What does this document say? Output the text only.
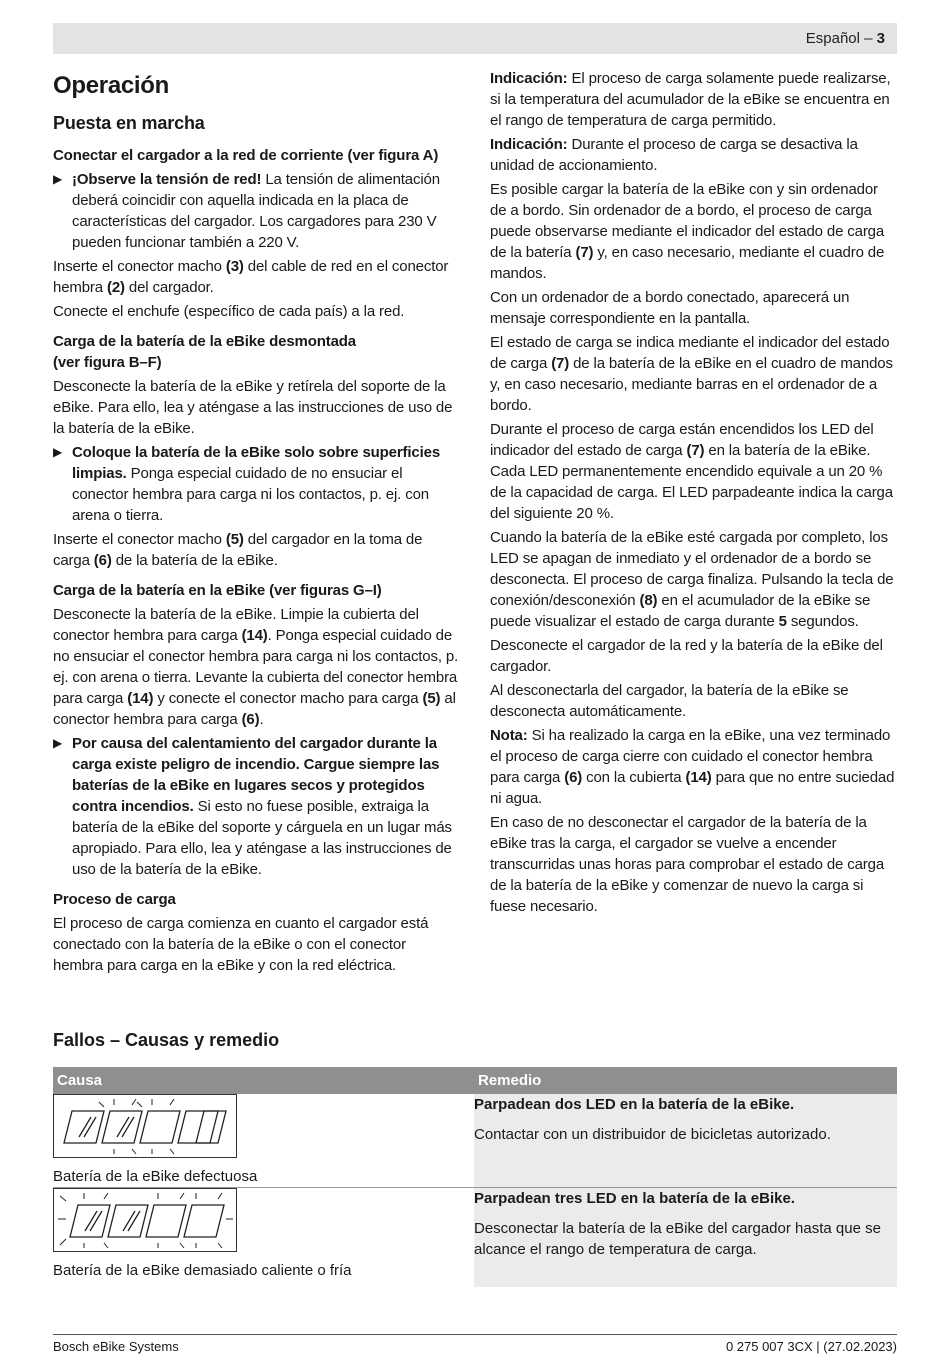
Español – 3
Operación
Puesta en marcha
Conectar el cargador a la red de corriente (ver figura A)

▶ ¡Observe la tensión de red! La tensión de alimentación deberá coincidir con aquella indicada en la placa de características del cargador. Los cargadores para 230 V pueden funcionar también a 220 V.

Inserte el conector macho (3) del cable de red en el conector hembra (2) del cargador.

Conecte el enchufe (específico de cada país) a la red.

Carga de la batería de la eBike desmontada
(ver figura B–F)

Desconecte la batería de la eBike y retírela del soporte de la eBike. Para ello, lea y aténgase a las instrucciones de uso de la batería de la eBike.

▶ Coloque la batería de la eBike solo sobre superficies limpias. Ponga especial cuidado de no ensuciar el conector hembra para carga ni los contactos, p. ej. con arena o tierra.

Inserte el conector macho (5) del cargador en la toma de carga (6) de la batería de la eBike.

Carga de la batería en la eBike (ver figuras G–I)

Desconecte la batería de la eBike. Limpie la cubierta del conector hembra para carga (14). Ponga especial cuidado de no ensuciar el conector hembra para carga ni los contactos, p. ej. con arena o tierra. Levante la cubierta del conector hembra para carga (14) y conecte el conector macho para carga (5) al conector hembra para carga (6).

▶ Por causa del calentamiento del cargador durante la carga existe peligro de incendio. Cargue siempre las baterías de la eBike en lugares secos y protegidos contra incendios. Si esto no fuese posible, extraiga la batería de la eBike del soporte y cárguela en un lugar más apropiado. Para ello, lea y aténgase a las instrucciones de uso de la batería de la eBike.

Proceso de carga

El proceso de carga comienza en cuanto el cargador está conectado con la batería de la eBike o con el conector hembra para carga en la eBike y con la red eléctrica.

Indicación: El proceso de carga solamente puede realizarse, si la temperatura del acumulador de la eBike se encuentra en el rango de temperatura de carga permitido.

Indicación: Durante el proceso de carga se desactiva la unidad de accionamiento.

Es posible cargar la batería de la eBike con y sin ordenador de a bordo. Sin ordenador de a bordo, el proceso de carga puede observarse mediante el indicador del estado de carga de la batería (7) y, en caso necesario, mediante el cuadro de mandos.

Con un ordenador de a bordo conectado, aparecerá un mensaje correspondiente en la pantalla.

El estado de carga se indica mediante el indicador del estado de carga (7) de la batería de la eBike en el cuadro de mandos y, en caso necesario, mediante barras en el ordenador de a bordo.

Durante el proceso de carga están encendidos los LED del indicador del estado de carga (7) en la batería de la eBike. Cada LED permanentemente encendido equivale a un 20 % de la capacidad de carga. El LED parpadeante indica la carga del siguiente 20 %.

Cuando la batería de la eBike esté cargada por completo, los LED se apagan de inmediato y el ordenador de a bordo se desconecta. El proceso de carga finaliza. Pulsando la tecla de conexión/desconexión (8) en el acumulador de la eBike se puede visualizar el estado de carga durante 5 segundos.

Desconecte el cargador de la red y la batería de la eBike del cargador.

Al desconectarla del cargador, la batería de la eBike se desconecta automáticamente.

Nota: Si ha realizado la carga en la eBike, una vez terminado el proceso de carga cierre con cuidado el conector hembra para carga (6) con la cubierta (14) para que no entre suciedad ni agua.

En caso de no desconectar el cargador de la batería de la eBike tras la carga, el cargador se vuelve a encender transcurridas unas horas para comprobar el estado de carga de la batería de la eBike y comenzar de nuevo la carga si fuese necesario.

Fallos – Causas y remedio
Causa	Remedio

Batería de la eBike defectuosa	Parpadean dos LED en la batería de la eBike.

Contactar con un distribuidor de bicicletas autorizado.

Batería de la eBike demasiado caliente o fría	Parpadean tres LED en la batería de la eBike.

Desconectar la batería de la eBike del cargador hasta que se alcance el rango de temperatura de carga.

Bosch eBike Systems	0 275 007 3CX | (27.02.2023)
